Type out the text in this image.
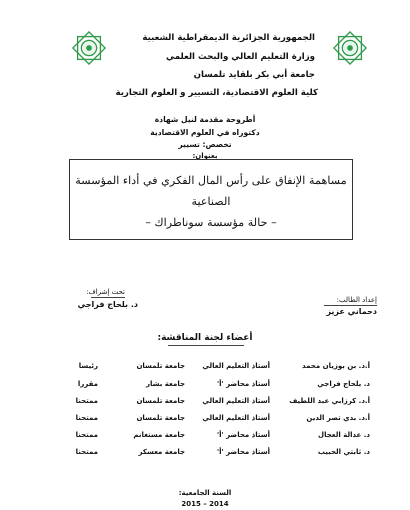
الجمهورية الجزائرية الديمقراطية الشعبية
وزارة التعليم العالي والبحث العلمي
جامعة أبي بكر بلقايد تلمسان
كلية العلوم الاقتصادية، التسيير و العلوم التجارية
أطروحة مقدمة لنيل شهادة
دكتوراه في العلوم الاقتصادية
تخصص: تسيير
بعنوان:
مساهمة الإنفاق على رأس المال الفكري في أداء المؤسسة
الصناعية
– حالة مؤسسة سوناطراك –
إعداد الطالب:
دحماني عزيز
تحت إشراف:
د. بلحاج فراجي
أعضاء لجنة المناقشة:
أ.د. بن بوزيان محمد
أستاذ التعليم العالي
جامعة تلمسان
رئيسا
د. بلحاج فراجي
أستاذ محاضر 'أ'
جامعة بشار
مقررا
أ.د. كرزابي عبد اللطيف
أستاذ التعليم العالي
جامعة تلمسان
ممتحنا
أ.د. بدي تصر الدين
أستاذ التعليم العالي
جامعة تلمسان
ممتحنا
د. عدالة العجال
أستاذ محاضر 'أ'
جامعة مستغانم
ممتحنا
د. ثابتي الحبيب
أستاذ محاضر 'أ'
جامعة معسكر
ممتحنا
السنة الجامعية:
2015 – 2014
